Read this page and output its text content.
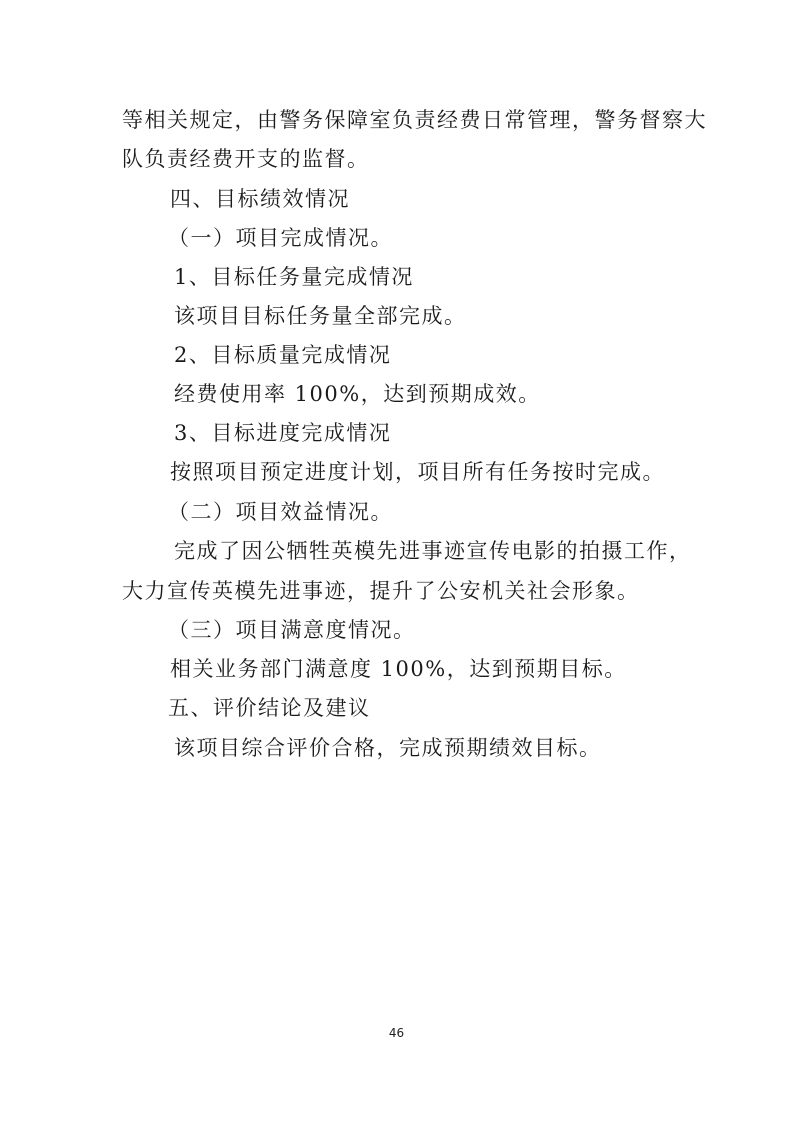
等相关规定，由警务保障室负责经费日常管理，警务督察大
队负责经费开支的监督。
四、目标绩效情况
（一）项目完成情况。
1、目标任务量完成情况
该项目目标任务量全部完成。
2、目标质量完成情况
经费使用率 100%，达到预期成效。
3、目标进度完成情况
按照项目预定进度计划，项目所有任务按时完成。
（二）项目效益情况。
完成了因公牺牲英模先进事迹宣传电影的拍摄工作，
大力宣传英模先进事迹，提升了公安机关社会形象。
（三）项目满意度情况。
相关业务部门满意度 100%，达到预期目标。
五、评价结论及建议
该项目综合评价合格，完成预期绩效目标。
46
